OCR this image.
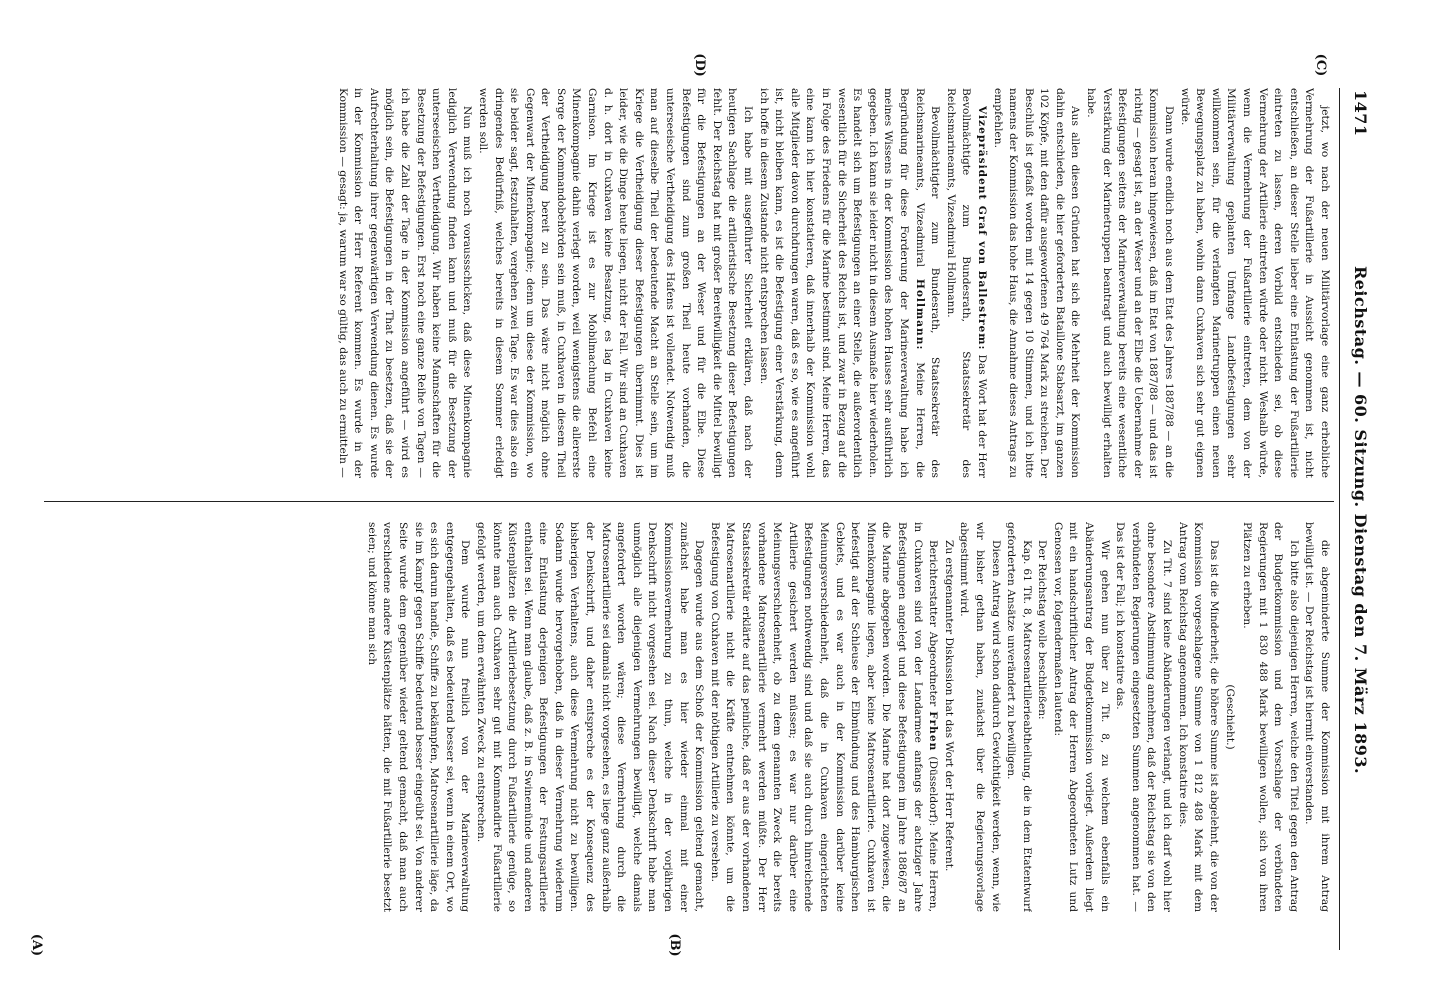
1471
Reichstag. — 60. Sitzung. Dienstag den 7. März 1893.
(C)
(D)
(A)	(B)

jetzt, wo nach der neuen Militärvorlage eine ganz erhebliche Vermehrung der Fußartillerie in Aussicht genommen ist, nicht entschließen, an dieser Stelle lieber eine Entlastung der Fußartillerie eintreten zu lassen, deren Vorbild entschieden sei, ob diese Vermehrung der Artillerie eintreten würde oder nicht. Weshalb würde, wenn die Vermehrung der Fußartillerie eintreten, dem von der Militärverwaltung geplanten Umfange Landbefestigungen sehr willkommen sein, für die verlangten Marinetruppen einen neuen Bewegungsplatz zu haben, wohin dann Cuxhaven sich sehr gut eignen würde.

Dann wurde endlich noch aus dem Etat des Jahres 1887/88 — an die Kommission heran hingewiesen, daß im Etat von 1887/88 — und das ist richtig — gesagt ist, an der Weser und an der Elbe die Uebernahme der Befestigungen seitens der Marineverwaltung bereits eine wesentliche Verstärkung der Marinetruppen beantragt und auch bewilligt erhalten habe.

Aus allen diesen Gründen hat sich die Mehrheit der Kommission dahin entschieden, die hier geforderten Bataillone Stabsarzt, im ganzen 102 Köpfe, mit den dafür ausgeworfenen 49 764 Mark zu streichen. Der Beschluß ist gefaßt worden mit 14 gegen 10 Stimmen, und ich bitte namens der Kommission das hohe Haus, die Annahme dieses Antrags zu empfehlen.

Vizepräsident Graf von Ballestrem: Das Wort hat der Herr Bevollmächtigte zum Bundesrath, Staatssekretär des Reichsmarineamts, Vizeadmiral Hollmann.

Bevollmächtigter zum Bundesrath, Staatssekretär des Reichsmarineamts, Vizeadmiral Hollmann: Meine Herren, die Begründung für diese Forderung der Marineverwaltung habe ich meines Wissens in der Kommission des hohen Hauses sehr ausführlich gegeben. Ich kann sie leider nicht in diesem Ausmaße hier wiederholen. Es handelt sich um Befestigungen an einer Stelle, die außerordentlich wesentlich für die Sicherheit des Reichs ist, und zwar in Bezug auf die in Folge des Friedens für die Marine bestimmt sind. Meine Herren, das eine kann ich hier konstatieren, daß innerhalb der Kommission wohl alle Mitglieder davon durchdrungen waren, daß es so, wie es angeführt ist, nicht bleiben kann, es ist die Befestigung einer Verstärkung, denn ich hoffe in diesem Zustande nicht entsprechen lassen.

Ich habe mit ausgeführter Sicherheit erklären, daß nach der heutigen Sachlage die artilleristische Besetzung dieser Befestigungen fehlt. Der Reichstag hat mit großer Bereitwilligkeit die Mittel bewilligt für die Befestigungen an der Weser und für die Elbe. Diese Befestigungen sind zum großen Theil heute vorhanden, die unterseeische Vertheidigung des Hafens ist vollendet. Notwendig muß man auf dieselbe Theil der bedeutende Macht an Stelle sein, um im Kriege die Vertheidigung dieser Befestigungen übernimmt. Dies ist leider, wie die Dinge heute liegen, nicht der Fall. Wir sind an Cuxhaven d. h. dort in Cuxhaven keine Besatzung, es lag in Cuxhaven keine Garnison. Im Kriege ist es zur Mobilmachung Befehl eine Minenkompagnie dahin verlegt worden, weil wenigstens die allererste Sorge der Kommandobehörden sein muß, in Cuxhaven in diesem Theil der Vertheidigung bereit zu sein. Das wäre nicht möglich ohne Gegenwart der Minenkompagnie; denn um diese der Kommission, wo sie beider sagt, festzuhalten, vergehen zwei Tage. Es war dies also ein dringendes Bedürfniß, welches bereits in diesem Sommer erledigt werden soll.

Nun muß ich noch voraussschicken, daß diese Minenkompagnie lediglich Verwendung finden kann und muß für die Besetzung der unterseeischen Vertheidigung. Wir haben keine Mannschaften für die Besetzung der Befestigungen. Erst noch eine ganze Reihe von Tagen — ich habe die Zahl der Tage in der Kommission angeführt — wird es möglich sein, die Befestigungen in der That zu besetzen, daß sie der Aufrechterhaltung ihrer gegenwärtigen Verwendung dienen. Es wurde in der Kommission der Herr Referent kommen. Es wurde in der Kommission — gesagt: ja, warum war so gültig, das auch zu ermitteln —

die abgeminderte Summe der Kommission mit ihrem Antrag bewilligt ist. — Der Reichstag ist hiermit einverstanden.

Ich bitte also diejenigen Herren, welche den Titel gegen den Antrag der Budgetkommission und dem Vorschlage der verbündeten Regierungen mit 1 830 488 Mark bewilligen wollen, sich von ihren Plätzen zu erheben.

(Geschieht.)

Das ist die Minderheit; die höhere Summe ist abgelehnt, die von der Kommission vorgeschlagene Summe von 1 812 488 Mark mit dem Antrag vom Reichstag angenommen. Ich konstatire dies.

Zu Tit. 7 sind keine Abänderungen verlangt, und ich darf wohl hier ohne besondere Abstimmung annehmen, daß der Reichstag sie von den verbündeten Regierungen eingesetzten Summen angenommen hat. — Das ist der Fall; ich konstatire das.

Wir gehen nun über zu Tit. 8, zu welchem ebenfalls ein Abänderungsantrag der Budgetkommission vorliegt. Außerdem liegt mit ein handschriftlicher Antrag der Herren Abgeordneten Lutz und Genossen vor, folgendermaßen lautend:

Der Reichstag wolle beschließen:

Kap. 61 Tit. 8, Matrosenartillerieabtheilung, die in dem Etatentwurf geforderten Ansätze unverändert zu bewilligen.

Diesen Antrag wird schon dadurch Gewichtigkeit werden, wenn, wie wir bisher gethan haben, zunächst über die Regierungsvorlage abgestimmt wird.

Zu erstgenannter Diskussion hat das Wort der Herr Referent.

Berichterstatter Abgeordneter Frhen (Düsseldorf): Meine Herren, in Cuxhaven sind von der Landarmee anfangs der achtziger Jahre Befestigungen angelegt und diese Befestigungen im Jahre 1886/87 an die Marine abgegeben worden. Die Marine hat dort zugewiesen, die Minenkompagnie liegen, aber keine Matrosenartillerie. Cuxhaven ist befestigt auf der Schleuse der Elbmündung und des Hamburgischen Gebiets, und es war auch in der Kommission darüber keine Meinungsverschiedenheit, daß die in Cuxhaven eingerichteten Befestigungen nothwendig sind und daß sie auch durch hinreichende Artillerie gesichert werden müssen; es war nur darüber eine Meinungsverschiedenheit, ob zu dem genannten Zweck die bereits vorhandene Matrosenartillerie vermehrt werden müßte. Der Herr Staatssekretär erklärte auf das peinliche, daß er aus der vorhandenen Matrosenartillerie nicht die Kräfte entnehmen könnte, um die Befestigung von Cuxhaven mit der nöthigen Artillerie zu versehen.

Dagegen wurde aus dem Schoß der Kommission geltend gemacht, zunächst habe man es hier wieder einmal mit einer Kommissionsvermehrung zu thun, welche in der vorjährigen Denkschrift nicht vorgesehen sei. Nach dieser Denkschrift habe man unmöglich alle diejenigen Vermehrungen bewilligt, welche damals angefordert worden wären; diese Vermehrung durch die Matrosenartillerie sei damals nicht vorgesehen, es liege ganz außerhalb der Denkschrift, und daher entspreche es der Konsequenz des bisherigen Verhaltens, auch diese Vermehrung nicht zu bewilligen. Sodann wurde hervorgehoben, daß in dieser Vermehrung wiederum eine Entlastung derjenigen Befestigungen der Festungsartillerie enthalten sei. Wenn man glaube, daß z. B. in Swinemünde und anderen Küstenplätzen die Artilleriebesetzung durch Fußartillerie genüge, so könnte man auch Cuxhaven sehr gut mit Kommandirte Fußartillerie gefolgt werden, um dem erwähnten Zweck zu entsprechen.

Dem wurde nun freilich von der Marineverwaltung entgegengehalten, daß es bedeutend besser sei, wenn in einem Ort, wo es sich darum handle, Schiffe zu bekämpfen, Matrosenartillerie läge, da sie im Kampf gegen Schiffe bedeutend besser eingeübt sei. Von anderer Seite wurde dem gegenüber wieder geltend gemacht, daß man auch verschiedene andere Küstenplätze hätten, die mit Fußartillerie besetzt seien; und könne man sich
